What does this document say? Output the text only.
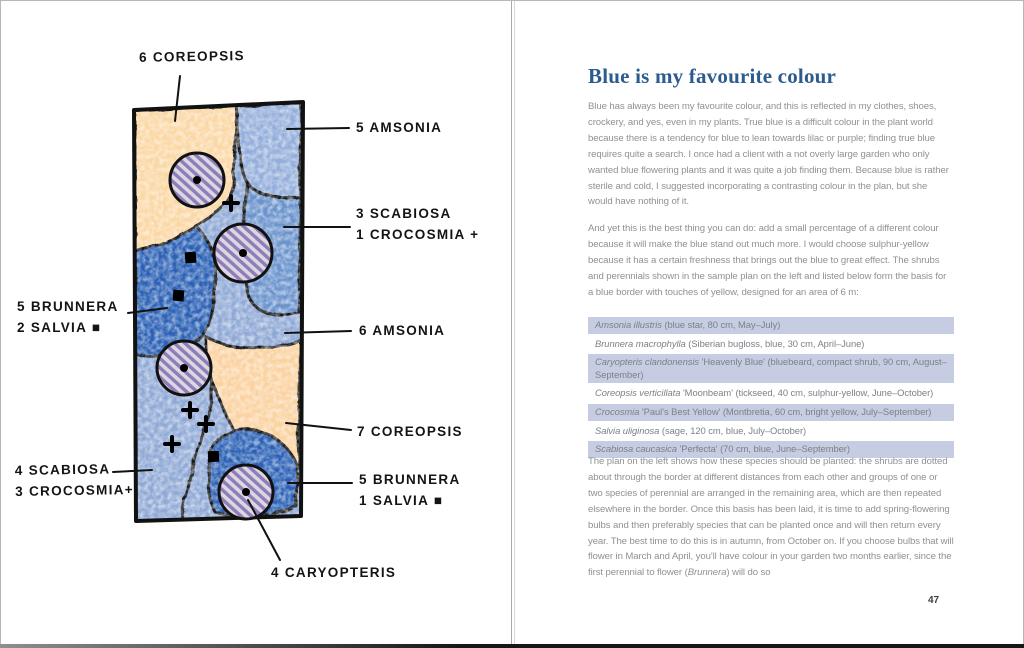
6 COREOPSIS
5 AMSONIA
3 SCABIOSA
1 CROCOSMIA +
5 BRUNNERA
2 SALVIA ■	6 AMSONIA
7 COREOPSIS
4 SCABIOSA
3 CROCOSMIA+
5 BRUNNERA
1 SALVIA ■
4 CARYOPTERIS
Blue is my favourite colour

Blue has always been my favourite colour, and this is reflected in my clothes, shoes, crockery, and yes, even in my plants. True blue is a difficult colour in the plant world because there is a tendency for blue to lean towards lilac or purple; finding true blue requires quite a search. I once had a client with a not overly large garden who only wanted blue flowering plants and it was quite a job finding them. Because blue is rather sterile and cold, I suggested incorporating a contrasting colour in the plan, but she would have nothing of it.

And yet this is the best thing you can do: add a small percentage of a different colour because it will make the blue stand out much more. I would choose sulphur-yellow because it has a certain freshness that brings out the blue to great effect. The shrubs and perennials shown in the sample plan on the left and listed below form the basis for a blue border with touches of yellow, designed for an area of 6 m:

Amsonia illustris (blue star, 80 cm, May–July)
Brunnera macrophylla (Siberian bugloss, blue, 30 cm, April–June)
Caryopteris clandonensis 'Heavenly Blue' (bluebeard, compact shrub, 90 cm, August–September)
Coreopsis verticillata 'Moonbeam' (tickseed, 40 cm, sulphur-yellow, June–October)
Crocosmia 'Paul's Best Yellow' (Montbretia, 60 cm, bright yellow, July–September)
Salvia uliginosa (sage, 120 cm, blue, July–October)
Scabiosa caucasica 'Perfecta' (70 cm, blue, June–September)

The plan on the left shows how these species should be planted: the shrubs are dotted about through the border at different distances from each other and groups of one or two species of perennial are arranged in the remaining area, which are then repeated elsewhere in the border. Once this basis has been laid, it is time to add spring-flowering bulbs and then preferably species that can be planted once and will then return every year. The best time to do this is in autumn, from October on. If you choose bulbs that will flower in March and April, you'll have colour in your garden two months earlier, since the first perennial to flower (Brunnera) will do so

47
